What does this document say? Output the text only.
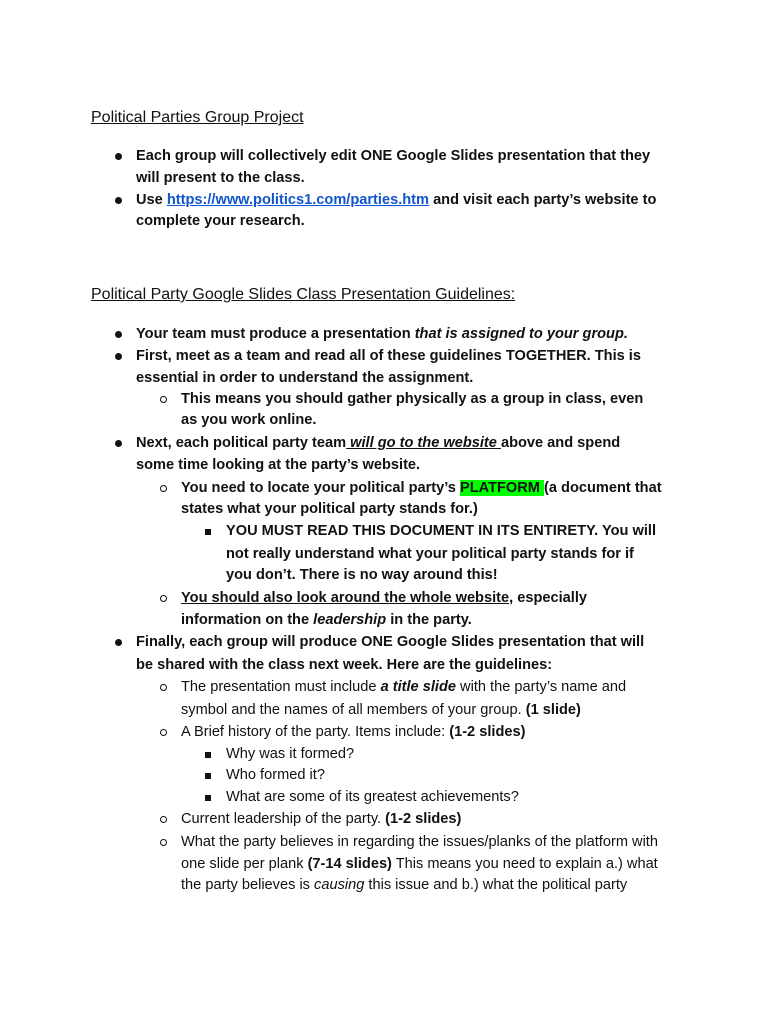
Political Parties Group Project
Each group will collectively edit ONE Google Slides presentation that they
will present to the class.
Use https://www.politics1.com/parties.htm and visit each party’s website to
complete your research.
Political Party Google Slides Class Presentation Guidelines:
Your team must produce a presentation that is assigned to your group.
First, meet as a team and read all of these guidelines TOGETHER. This is
essential in order to understand the assignment.
This means you should gather physically as a group in class, even
as you work online.
Next, each political party team will go to the website above and spend
some time looking at the party’s website.
You need to locate your political party’s PLATFORM (a document that
states what your political party stands for.)
YOU MUST READ THIS DOCUMENT IN ITS ENTIRETY. You will
not really understand what your political party stands for if
you don’t. There is no way around this!
You should also look around the whole website, especially
information on the leadership in the party.
Finally, each group will produce ONE Google Slides presentation that will
be shared with the class next week. Here are the guidelines:
The presentation must include a title slide with the party’s name and
symbol and the names of all members of your group. (1 slide)
A Brief history of the party. Items include: (1-2 slides)
Why was it formed?
Who formed it?
What are some of its greatest achievements?
Current leadership of the party. (1-2 slides)
What the party believes in regarding the issues/planks of the platform with
one slide per plank (7-14 slides) This means you need to explain a.) what
the party believes is causing this issue and b.) what the political party
